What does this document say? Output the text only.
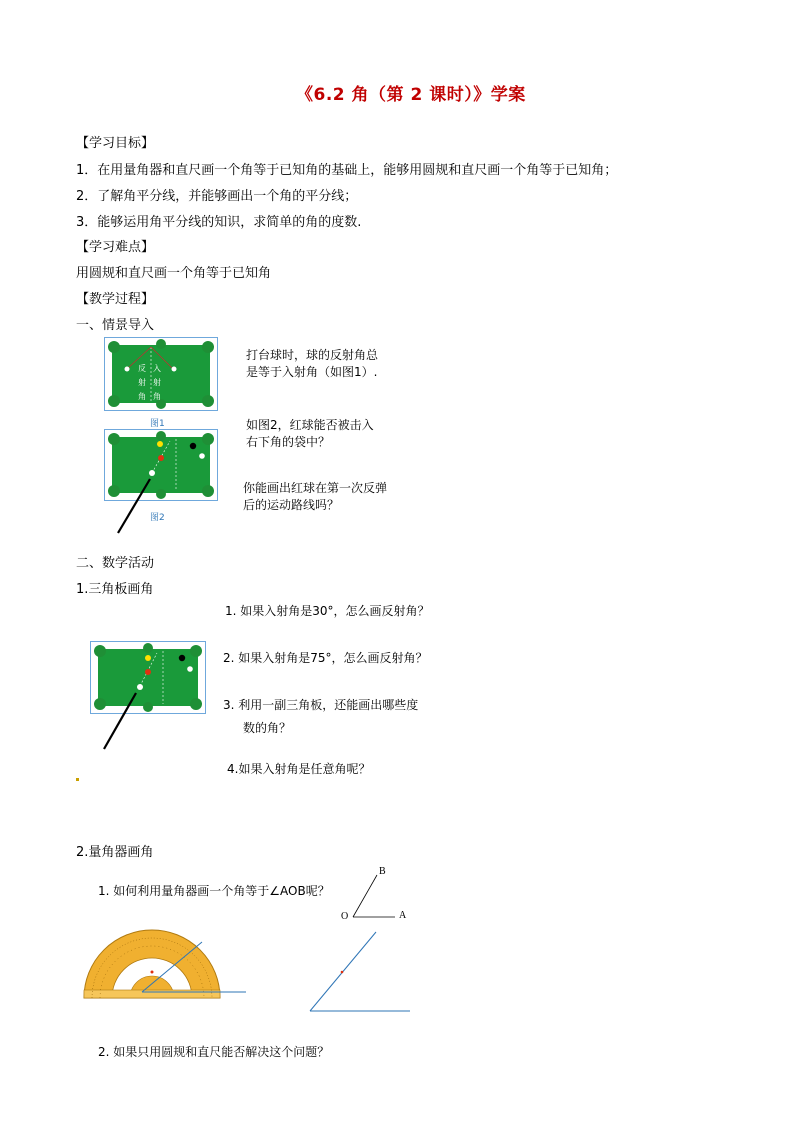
《6.2 角（第 2 课时）》学案
【学习目标】
1．在用量角器和直尺画一个角等于已知角的基础上，能够用圆规和直尺画一个角等于已知角；
2．了解角平分线，并能够画出一个角的平分线；
3．能够运用角平分线的知识，求简单的角的度数.
【学习难点】
用圆规和直尺画一个角等于已知角
【教学过程】
一、情景导入
反
射
角
入
射
角
图1
图2
打台球时，球的反射角总
是等于入射角（如图1）.
如图2，红球能否被击入
右下角的袋中？
你能画出红球在第一次反弹
后的运动路线吗？
二、数学活动
1.三角板画角
1. 如果入射角是30°，怎么画反射角？
2. 如果入射角是75°，怎么画反射角？
3. 利用一副三角板，还能画出哪些度
数的角？
4.如果入射角是任意角呢？
2.量角器画角
1. 如何利用量角器画一个角等于∠AOB呢？
B
O	A
2. 如果只用圆规和直尺能否解决这个问题？
